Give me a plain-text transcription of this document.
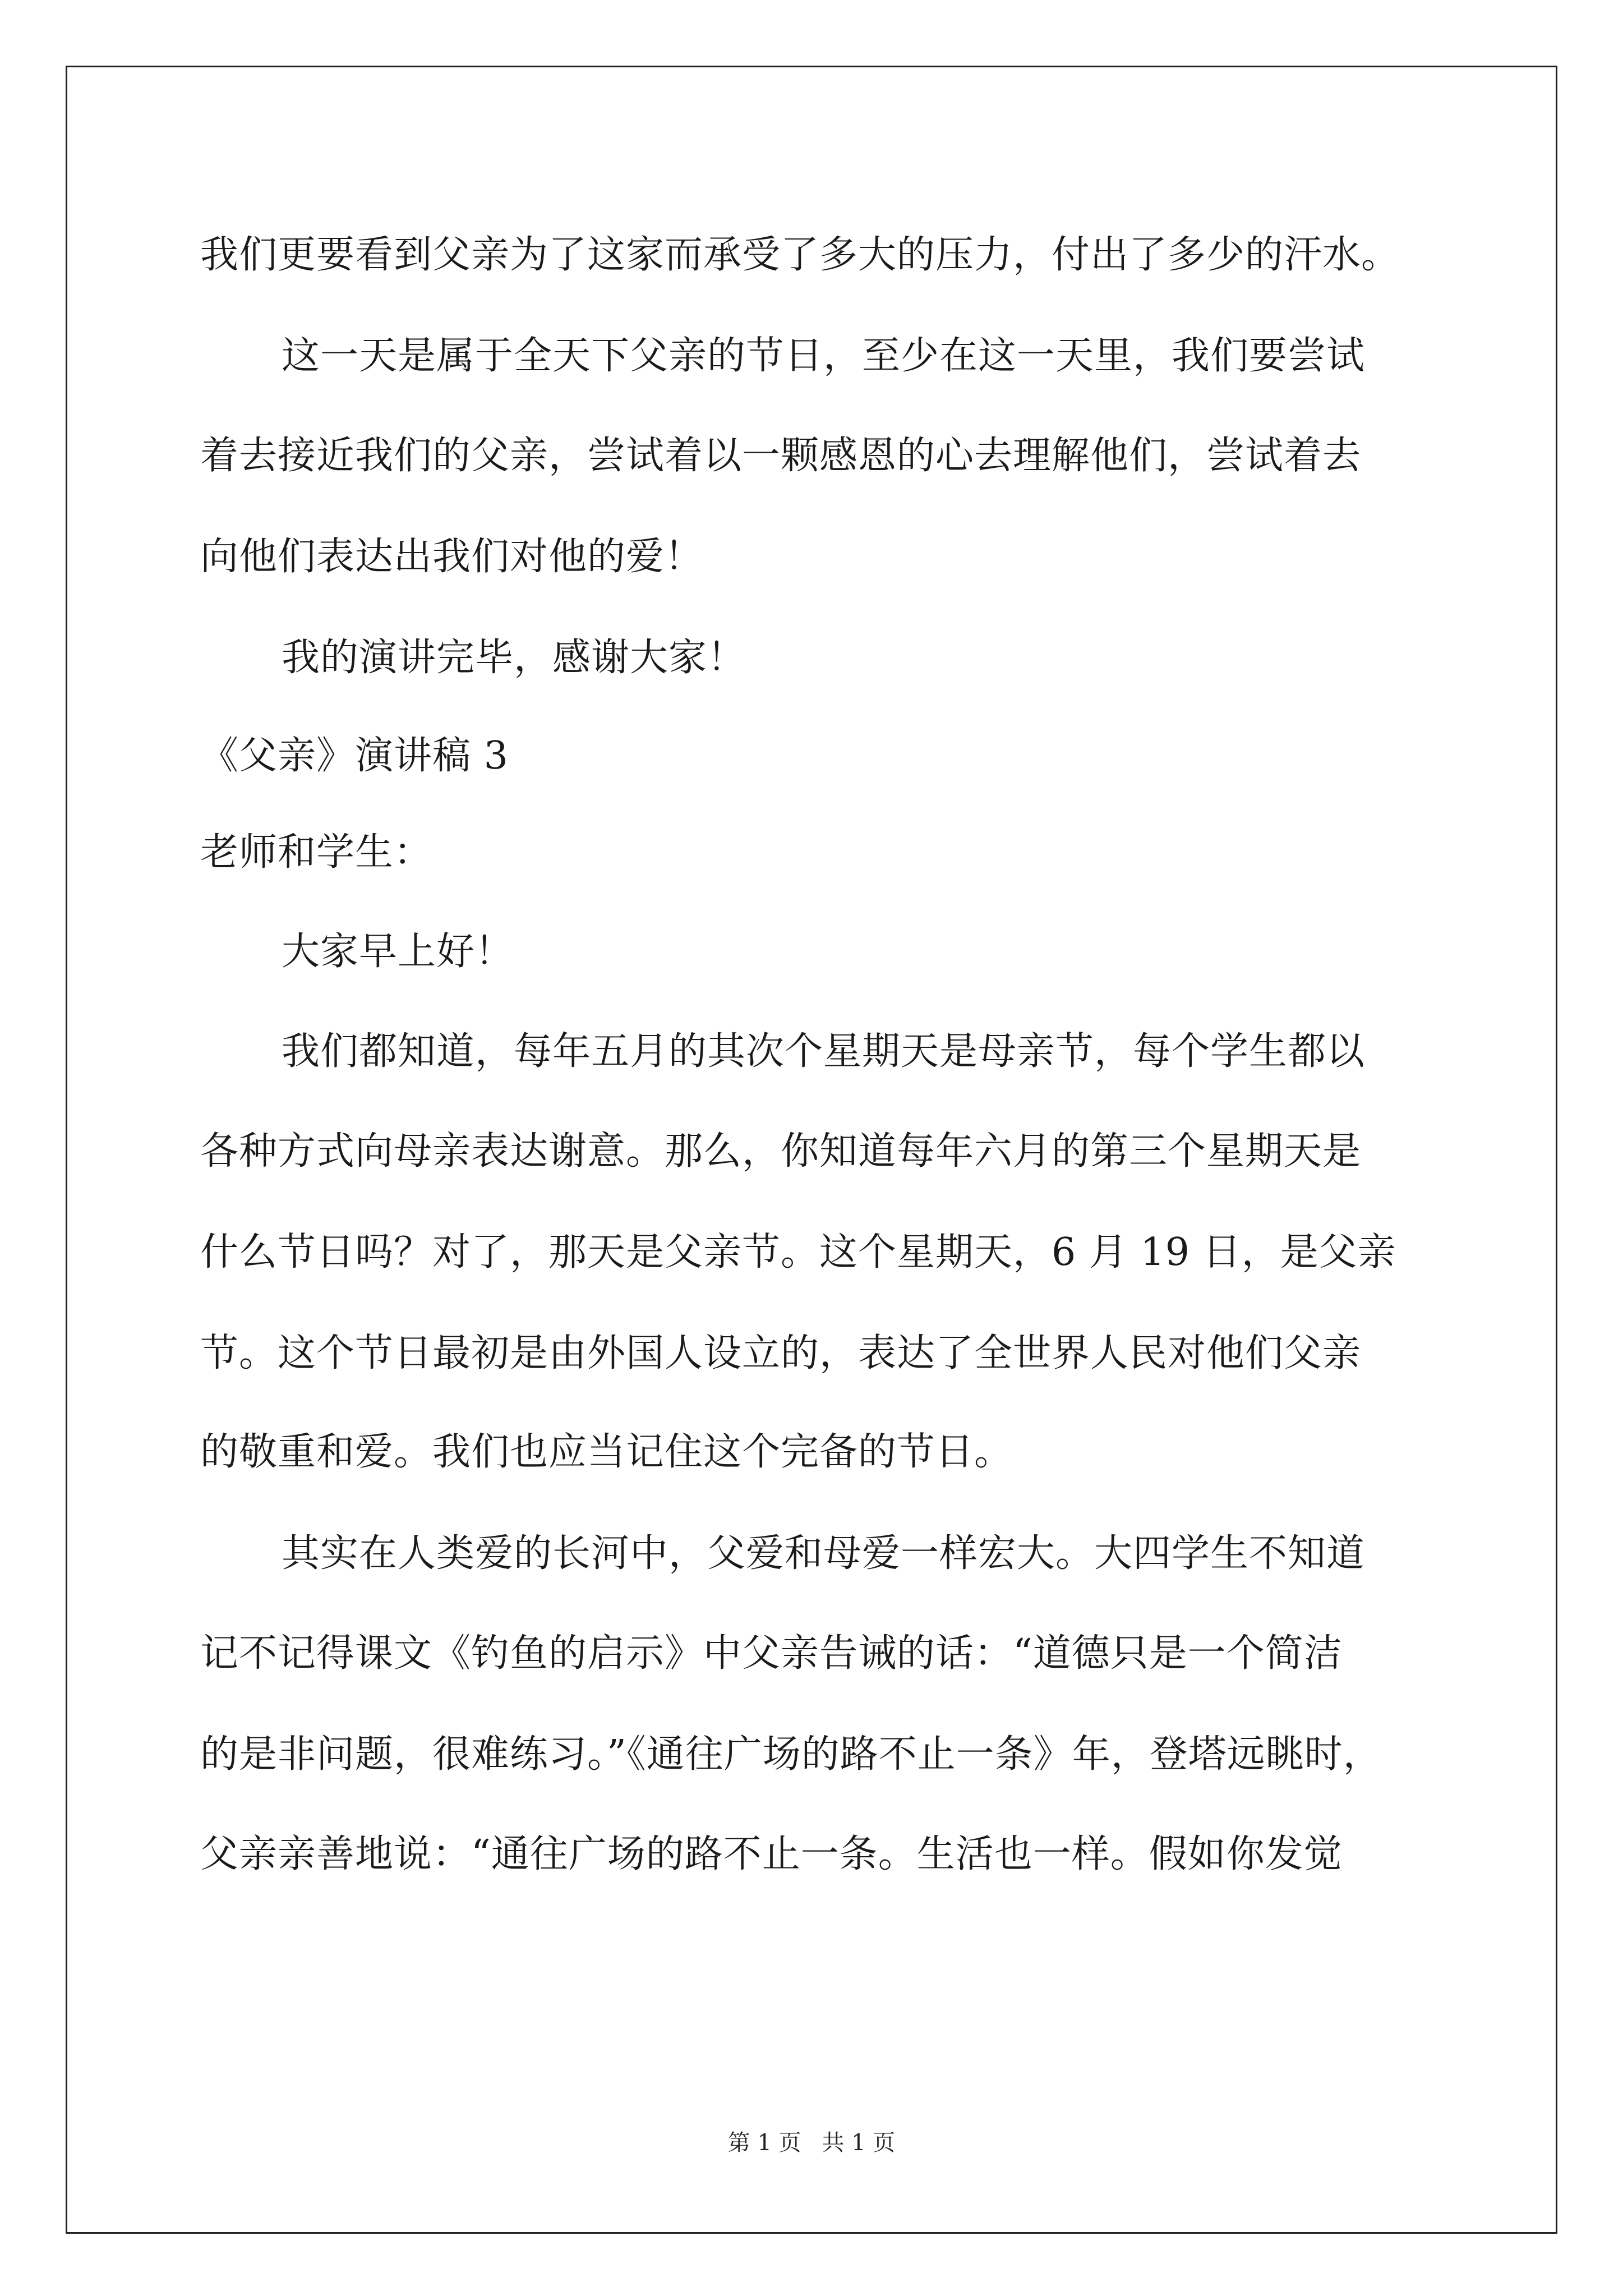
我们更要看到父亲为了这家而承受了多大的压力，付出了多少的汗水。
这一天是属于全天下父亲的节日，至少在这一天里，我们要尝试
着去接近我们的父亲，尝试着以一颗感恩的心去理解他们，尝试着去
向他们表达出我们对他的爱！
我的演讲完毕，感谢大家！
《父亲》演讲稿 3
老师和学生：
大家早上好！
我们都知道，每年五月的其次个星期天是母亲节，每个学生都以
各种方式向母亲表达谢意。那么，你知道每年六月的第三个星期天是
什么节日吗？对了，那天是父亲节。这个星期天，6 月 19 日，是父亲
节。这个节日最初是由外国人设立的，表达了全世界人民对他们父亲
的敬重和爱。我们也应当记住这个完备的节日。
其实在人类爱的长河中，父爱和母爱一样宏大。大四学生不知道
记不记得课文《钓鱼的启示》中父亲告诫的话：“道德只是一个简洁
的是非问题，很难练习。”《通往广场的路不止一条》年，登塔远眺时，
父亲亲善地说：“通往广场的路不止一条。生活也一样。假如你发觉
第 1 页 共 1 页
